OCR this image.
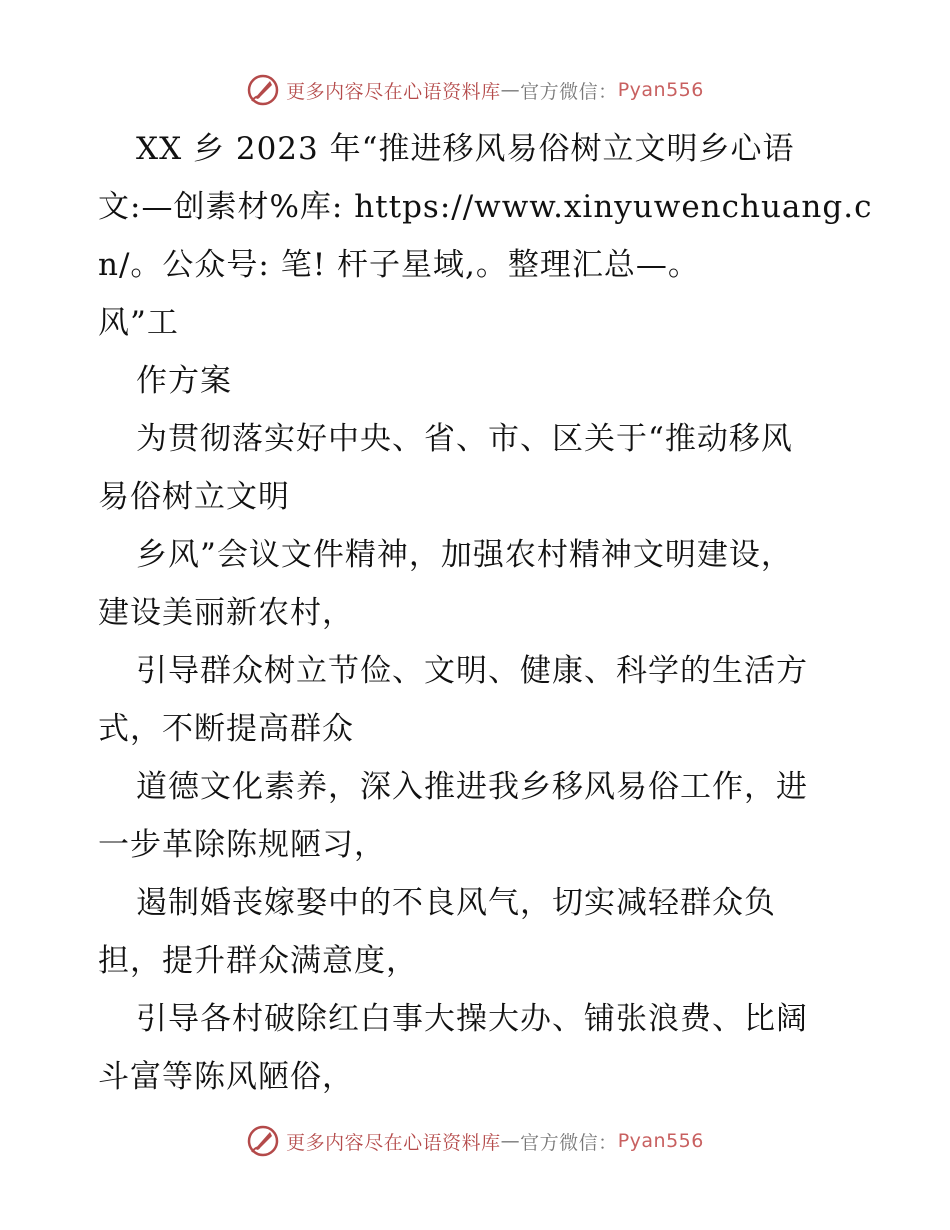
更多内容尽在心语资料库 — 官方微信： Pyan556
XX 乡 2023 年“推进移风易俗树立文明乡心语
文:—创素材%库: https://www.xinyuwenchuang.c
n/。公众号: 笔! 杆子星域,。整理汇总—。
风”工
作方案
为贯彻落实好中央、省、市、区关于“推动移风
易俗树立文明
乡风”会议文件精神，加强农村精神文明建设，
建设美丽新农村，
引导群众树立节俭、文明、健康、科学的生活方
式，不断提高群众
道德文化素养，深入推进我乡移风易俗工作，进
一步革除陈规陋习，
遏制婚丧嫁娶中的不良风气，切实减轻群众负
担，提升群众满意度，
引导各村破除红白事大操大办、铺张浪费、比阔
斗富等陈风陋俗，
更多内容尽在心语资料库 — 官方微信： Pyan556
